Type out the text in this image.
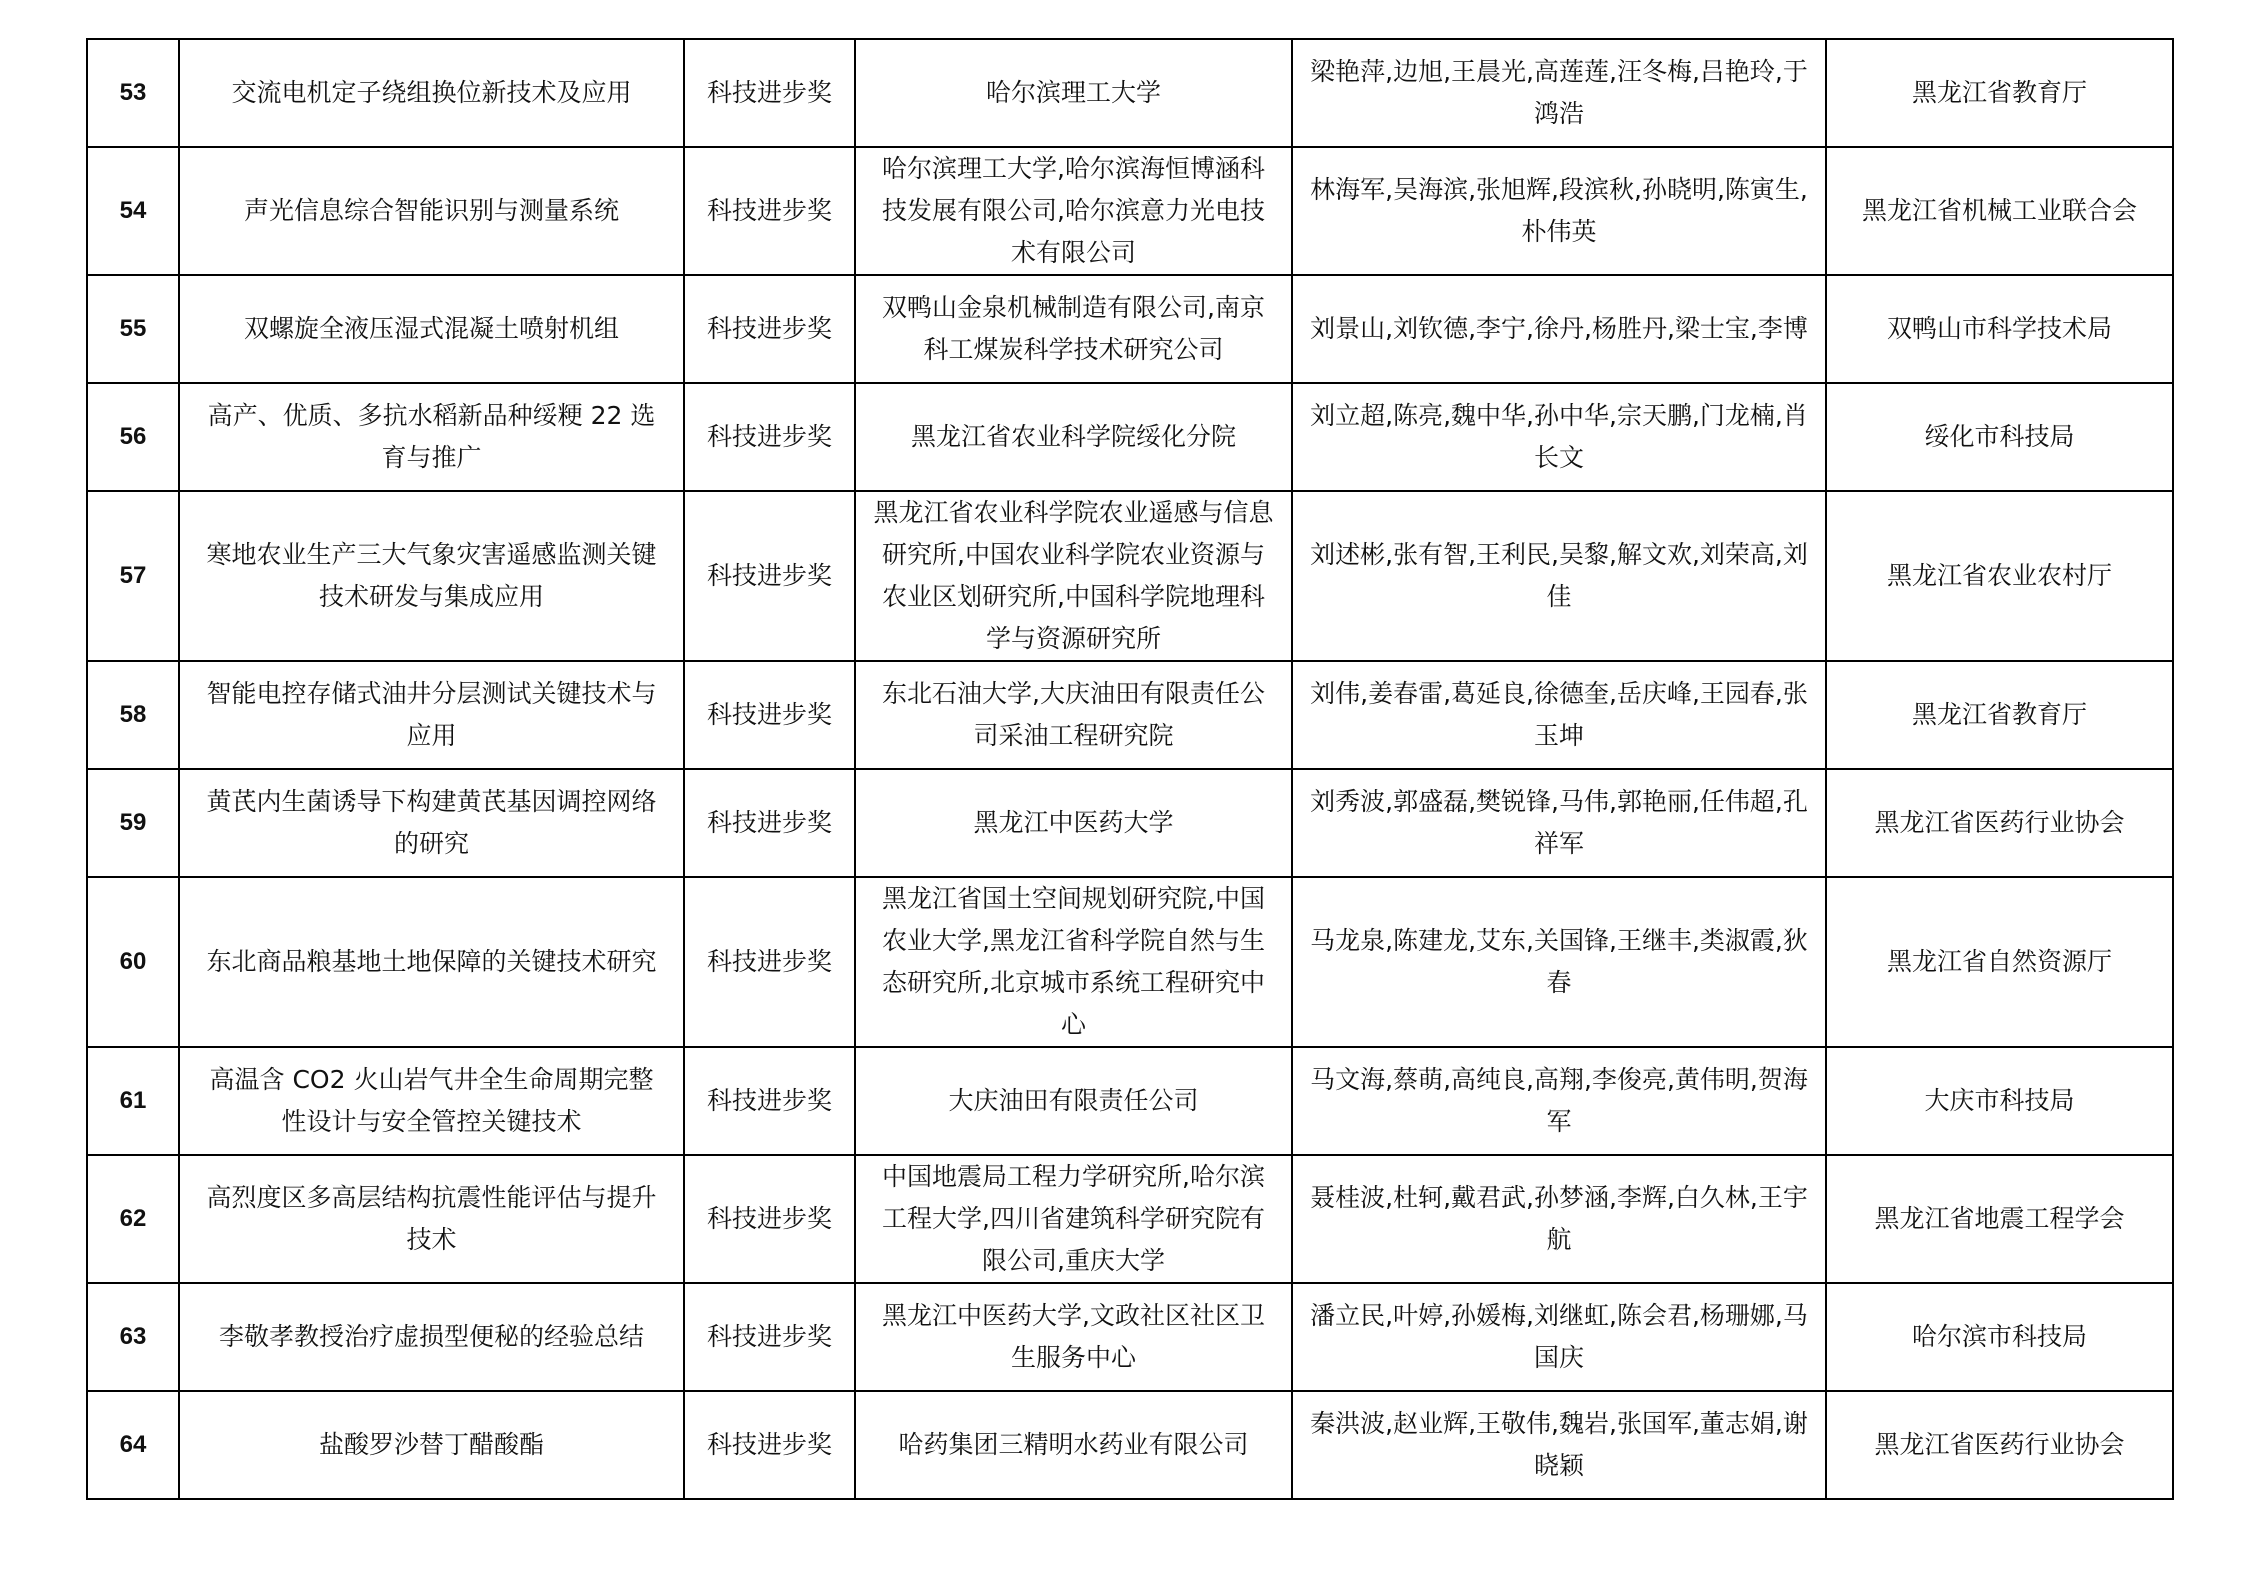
53	交流电机定子绕组换位新技术及应用	科技进步奖	哈尔滨理工大学	梁艳萍,边旭,王晨光,高莲莲,汪冬梅,吕艳玲,于鸿浩	黑龙江省教育厅
54	声光信息综合智能识别与测量系统	科技进步奖	哈尔滨理工大学,哈尔滨海恒博涵科技发展有限公司,哈尔滨意力光电技术有限公司	林海军,吴海滨,张旭辉,段滨秋,孙晓明,陈寅生,朴伟英	黑龙江省机械工业联合会
55	双螺旋全液压湿式混凝土喷射机组	科技进步奖	双鸭山金泉机械制造有限公司,南京科工煤炭科学技术研究公司	刘景山,刘钦德,李宁,徐丹,杨胜丹,梁士宝,李博	双鸭山市科学技术局
56	高产、优质、多抗水稻新品种绥粳 22 选育与推广	科技进步奖	黑龙江省农业科学院绥化分院	刘立超,陈亮,魏中华,孙中华,宗天鹏,门龙楠,肖长文	绥化市科技局
57	寒地农业生产三大气象灾害遥感监测关键技术研发与集成应用	科技进步奖	黑龙江省农业科学院农业遥感与信息研究所,中国农业科学院农业资源与农业区划研究所,中国科学院地理科学与资源研究所	刘述彬,张有智,王利民,吴黎,解文欢,刘荣高,刘佳	黑龙江省农业农村厅
58	智能电控存储式油井分层测试关键技术与应用	科技进步奖	东北石油大学,大庆油田有限责任公司采油工程研究院	刘伟,姜春雷,葛延良,徐德奎,岳庆峰,王园春,张玉坤	黑龙江省教育厅
59	黄芪内生菌诱导下构建黄芪基因调控网络的研究	科技进步奖	黑龙江中医药大学	刘秀波,郭盛磊,樊锐锋,马伟,郭艳丽,任伟超,孔祥军	黑龙江省医药行业协会
60	东北商品粮基地土地保障的关键技术研究	科技进步奖	黑龙江省国土空间规划研究院,中国农业大学,黑龙江省科学院自然与生态研究所,北京城市系统工程研究中心	马龙泉,陈建龙,艾东,关国锋,王继丰,类淑霞,狄春	黑龙江省自然资源厅
61	高温含 CO2 火山岩气井全生命周期完整性设计与安全管控关键技术	科技进步奖	大庆油田有限责任公司	马文海,蔡萌,高纯良,高翔,李俊亮,黄伟明,贺海军	大庆市科技局
62	高烈度区多高层结构抗震性能评估与提升技术	科技进步奖	中国地震局工程力学研究所,哈尔滨工程大学,四川省建筑科学研究院有限公司,重庆大学	聂桂波,杜轲,戴君武,孙梦涵,李辉,白久林,王宇航	黑龙江省地震工程学会
63	李敬孝教授治疗虚损型便秘的经验总结	科技进步奖	黑龙江中医药大学,文政社区社区卫生服务中心	潘立民,叶婷,孙媛梅,刘继虹,陈会君,杨珊娜,马国庆	哈尔滨市科技局
64	盐酸罗沙替丁醋酸酯	科技进步奖	哈药集团三精明水药业有限公司	秦洪波,赵业辉,王敬伟,魏岩,张国军,董志娟,谢晓颖	黑龙江省医药行业协会
